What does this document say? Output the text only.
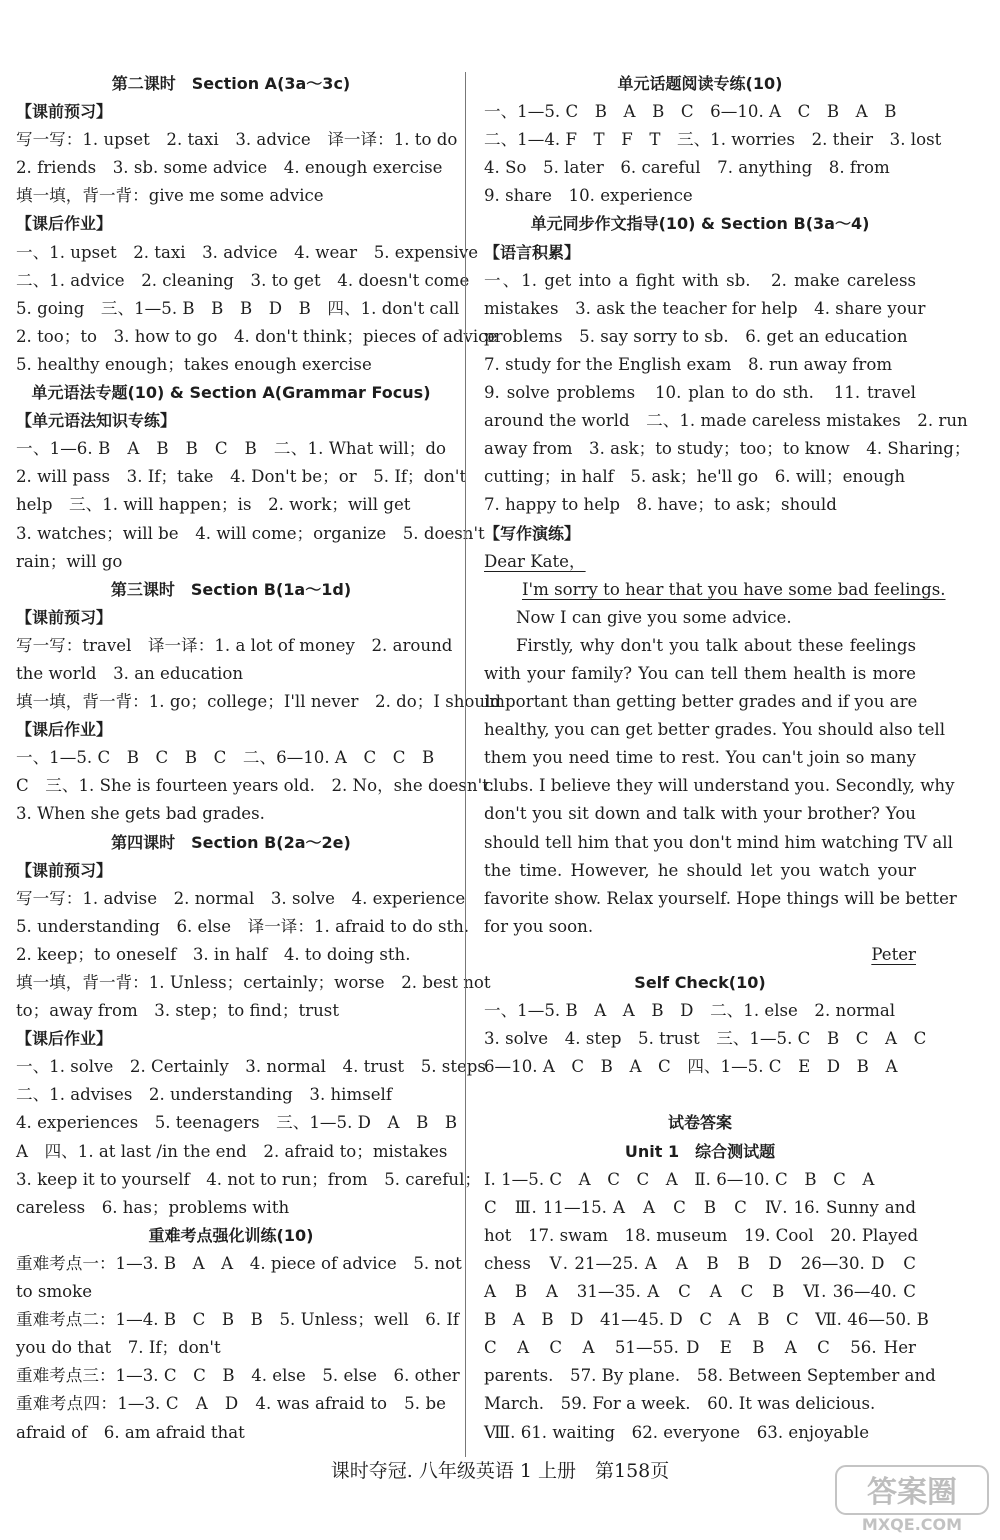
第二课时　Section A(3a～3c)
【课前预习】
写一写：1. upset　2. taxi　3. advice　译一译：1. to do
2. friends　3. sb. some advice　4. enough exercise
填一填，背一背：give me some advice
【课后作业】
一、1. upset　2. taxi　3. advice　4. wear　5. expensive
二、1. advice　2. cleaning　3. to get　4. doesn't come
5. going　三、1—5. B　B　B　D　B　四、1. don't call
2. too；to　3. how to go　4. don't think；pieces of advice
5. healthy enough；takes enough exercise
单元语法专题(10) & Section A(Grammar Focus)
【单元语法知识专练】
一、1—6. B　A　B　B　C　B　二、1. What will；do
2. will pass　3. If；take　4. Don't be；or　5. If；don't
help　三、1. will happen；is　2. work；will get
3. watches；will be　4. will come；organize　5. doesn't
rain；will go
第三课时　Section B(1a～1d)
【课前预习】
写一写：travel　译一译：1. a lot of money　2. around
the world　3. an education
填一填，背一背：1. go；college；I'll never　2. do；I should
【课后作业】
一、1—5. C　B　C　B　C　二、6—10. A　C　C　B
C　三、1. She is fourteen years old.　2. No，she doesn't.
3. When she gets bad grades.
第四课时　Section B(2a～2e)
【课前预习】
写一写：1. advise　2. normal　3. solve　4. experience
5. understanding　6. else　译一译：1. afraid to do sth.
2. keep；to oneself　3. in half　4. to doing sth.
填一填，背一背：1. Unless；certainly；worse　2. best not
to；away from　3. step；to find；trust
【课后作业】
一、1. solve　2. Certainly　3. normal　4. trust　5. steps
二、1. advises　2. understanding　3. himself
4. experiences　5. teenagers　三、1—5. D　A　B　B
A　四、1. at last /in the end　2. afraid to；mistakes
3. keep it to yourself　4. not to run；from　5. careful；
careless　6. has；problems with
重难考点强化训练(10)
重难考点一：1—3. B　A　A　4. piece of advice　5. not
to smoke
重难考点二：1—4. B　C　B　B　5. Unless；well　6. If
you do that　7. If；don't
重难考点三：1—3. C　C　B　4. else　5. else　6. other
重难考点四：1—3. C　A　D　4. was afraid to　5. be
afraid of　6. am afraid that
单元话题阅读专练(10)
一、1—5. C　B　A　B　C　6—10. A　C　B　A　B
二、1—4. F　T　F　T　三、1. worries　2. their　3. lost
4. So　5. later　6. careful　7. anything　8. from
9. share　10. experience
单元同步作文指导(10) & Section B(3a～4)
【语言积累】
一、1. get into a fight with sb.　2. make careless
mistakes　3. ask the teacher for help　4. share your
problems　5. say sorry to sb.　6. get an education
7. study for the English exam　8. run away from
9. solve problems　10. plan to do sth.　11. travel
around the world　二、1. made careless mistakes　2. run
away from　3. ask；to study；too；to know　4. Sharing；
cutting；in half　5. ask；he'll go　6. will；enough
7. happy to help　8. have；to ask；should
【写作演练】
Dear Kate，
I'm sorry to hear that you have some bad feelings.
Now I can give you some advice.
Firstly, why don't you talk about these feelings
with your family? You can tell them health is more
important than getting better grades and if you are
healthy, you can get better grades. You should also tell
them you need time to rest. You can't join so many
clubs. I believe they will understand you. Secondly, why
don't you sit down and talk with your brother? You
should tell him that you don't mind him watching TV all
the time. However, he should let you watch your
favorite show. Relax yourself. Hope things will be better
for you soon.
Peter
Self Check(10)
一、1—5. B　A　A　B　D　二、1. else　2. normal
3. solve　4. step　5. trust　三、1—5. C　B　C　A　C
6—10. A　C　B　A　C　四、1—5. C　E　D　B　A
试卷答案
Unit 1　综合测试题
Ⅰ. 1—5. C　A　C　C　A　Ⅱ. 6—10. C　B　C　A
C　Ⅲ. 11—15. A　A　C　B　C　Ⅳ. 16. Sunny and
hot　17. swam　18. museum　19. Cool　20. Played
chess　Ⅴ. 21—25. A　A　B　B　D　26—30. D　C
A　B　A　31—35. A　C　A　C　B　Ⅵ. 36—40. C
B　A　B　D　41—45. D　C　A　B　C　Ⅶ. 46—50. B
C　A　C　A　51—55. D　E　B　A　C　56. Her
parents.　57. By plane.　58. Between September and
March.　59. For a week.　60. It was delicious.
Ⅷ. 61. waiting　62. everyone　63. enjoyable
课时夺冠. 八年级英语 1 上册　第158页
答案圈
MXQE.COM
